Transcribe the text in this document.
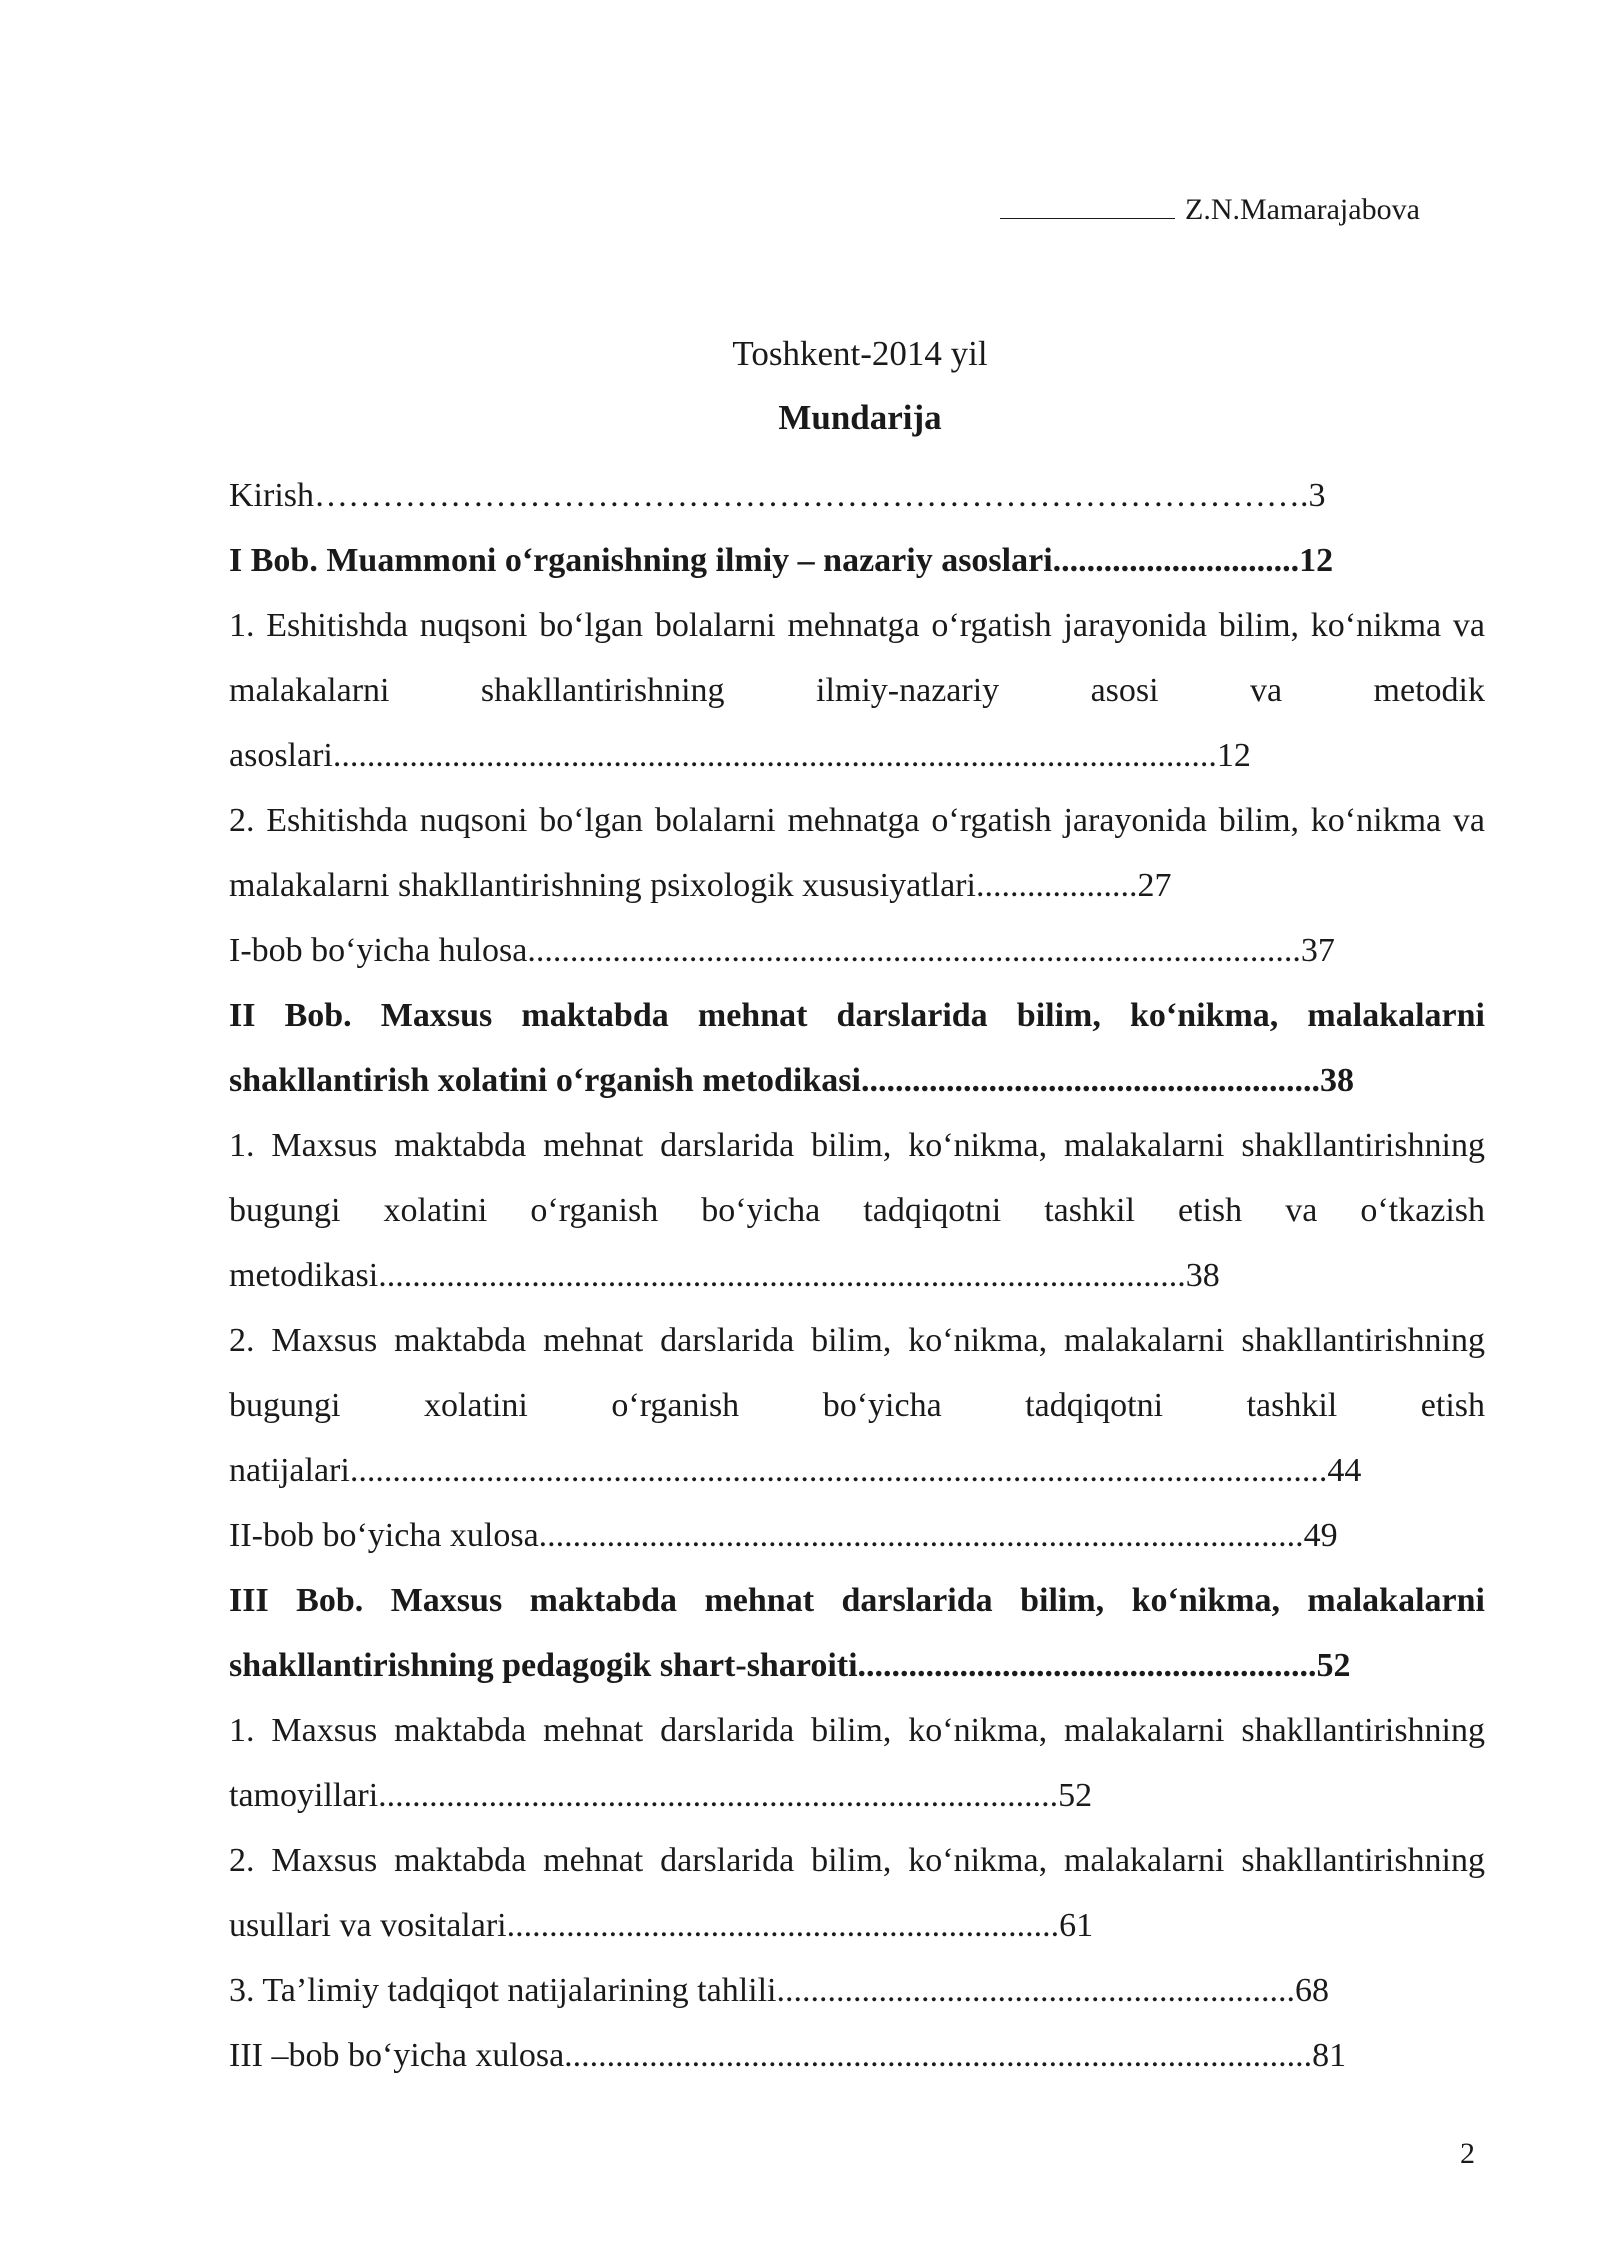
Z.N.Mamarajabova
Toshkent-2014 yil
Mundarija
Kirish…………………………………………………………………………….3
I Bob. Muammoni o‘rganishning ilmiy – nazariy asoslari.............................12
1. Eshitishda nuqsoni bo‘lgan bolalarni mehnatga o‘rgatish jarayonida bilim, ko‘nikma va malakalarni shakllantirishning ilmiy-nazariy asosi va metodik asoslari........................................................................................................12
2. Eshitishda nuqsoni bo‘lgan bolalarni mehnatga o‘rgatish jarayonida bilim, ko‘nikma va malakalarni shakllantirishning psixologik xususiyatlari...................27
I-bob bo‘yicha hulosa...........................................................................................37
II Bob. Maxsus maktabda mehnat darslarida bilim, ko‘nikma, malakalarni shakllantirish xolatini o‘rganish metodikasi......................................................38
1. Maxsus maktabda mehnat darslarida bilim, ko‘nikma, malakalarni shakllantirishning bugungi xolatini o‘rganish bo‘yicha tadqiqotni tashkil etish va o‘tkazish metodikasi...............................................................................................38
2. Maxsus maktabda mehnat darslarida bilim, ko‘nikma, malakalarni shakllantirishning bugungi xolatini o‘rganish bo‘yicha tadqiqotni tashkil etish natijalari...................................................................................................................44
II-bob bo‘yicha xulosa..........................................................................................49
III Bob. Maxsus maktabda mehnat darslarida bilim, ko‘nikma, malakalarni shakllantirishning pedagogik shart-sharoiti......................................................52
1. Maxsus maktabda mehnat darslarida bilim, ko‘nikma, malakalarni shakllantirishning tamoyillari................................................................................52
2. Maxsus maktabda mehnat darslarida bilim, ko‘nikma, malakalarni shakllantirishning usullari va vositalari.................................................................61
3. Ta’limiy tadqiqot natijalarining tahlili.............................................................68
III –bob bo‘yicha xulosa........................................................................................81
2
